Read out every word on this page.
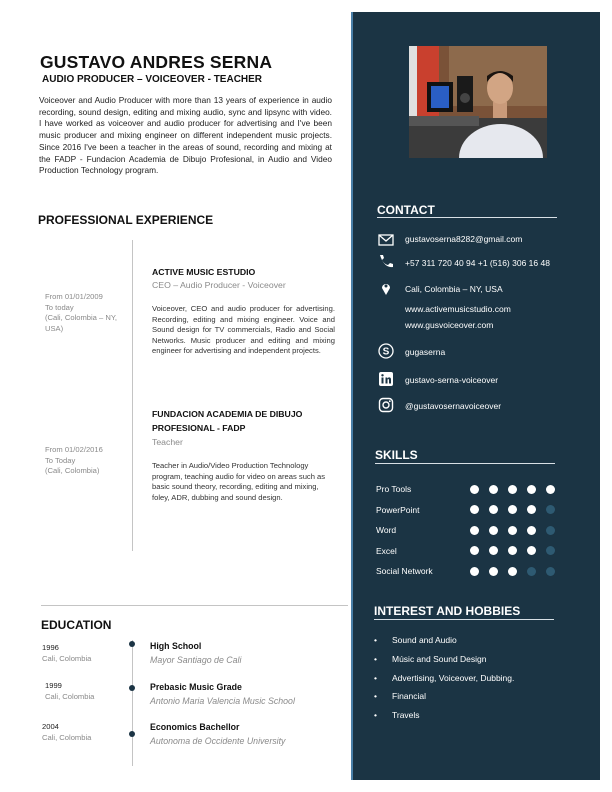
CONTACT
gustavoserna8282@gmail.com
+57 311 720 40 94 +1 (516) 306 16 48
Cali, Colombia – NY, USA
www.activemusicstudio.com
www.gusvoiceover.com
S gugaserna
gustavo-serna-voiceover
@gustavosernavoiceover
SKILLS
Pro Tools
PowerPoint
Word
Excel
Social Network
INTEREST AND HOBBIES
• Sound and Audio
• Músic and Sound Design
• Advertising, Voiceover, Dubbing.
• Financial
• Travels
GUSTAVO ANDRES SERNA
AUDIO PRODUCER – VOICEOVER - TEACHER
Voiceover and Audio Producer with more than 13 years of experience in audio recording, sound design, editing and mixing audio, sync and lipsync with video. I have worked as voiceover and audio producer for advertising and I've been music producer and mixing engineer on different independent music projects. Since 2016 I've been a teacher in the areas of sound, recording and mixing at the FADP - Fundacion Academia de Dibujo Profesional, in Audio and Video Production Technology program.
PROFESSIONAL EXPERIENCE
From 01/01/2009
To today
(Cali, Colombia – NY, USA)
ACTIVE MUSIC ESTUDIO
CEO – Audio Producer - Voiceover
Voiceover, CEO and audio producer for advertising. Recording, editing and mixing engineer. Voice and Sound design for TV commercials, Radio and Social Networks. Music producer and editing and mixing engineer for advertising and independent projects.
From 01/02/2016
To Today
(Cali, Colombia)
FUNDACION ACADEMIA DE DIBUJO PROFESIONAL - FADP
Teacher
Teacher in Audio/Video Production Technology program, teaching audio for video on areas such as basic sound theory, recording, editing and mixing, foley, ADR, dubbing and sound design.
EDUCATION
1996
Cali, Colombia
High School
Mayor Santiago de Cali
1999
Cali, Colombia
Prebasic Music Grade
Antonio Maria Valencia Music School
2004
Cali, Colombia
Economics Bachellor
Autonoma de Occidente University
